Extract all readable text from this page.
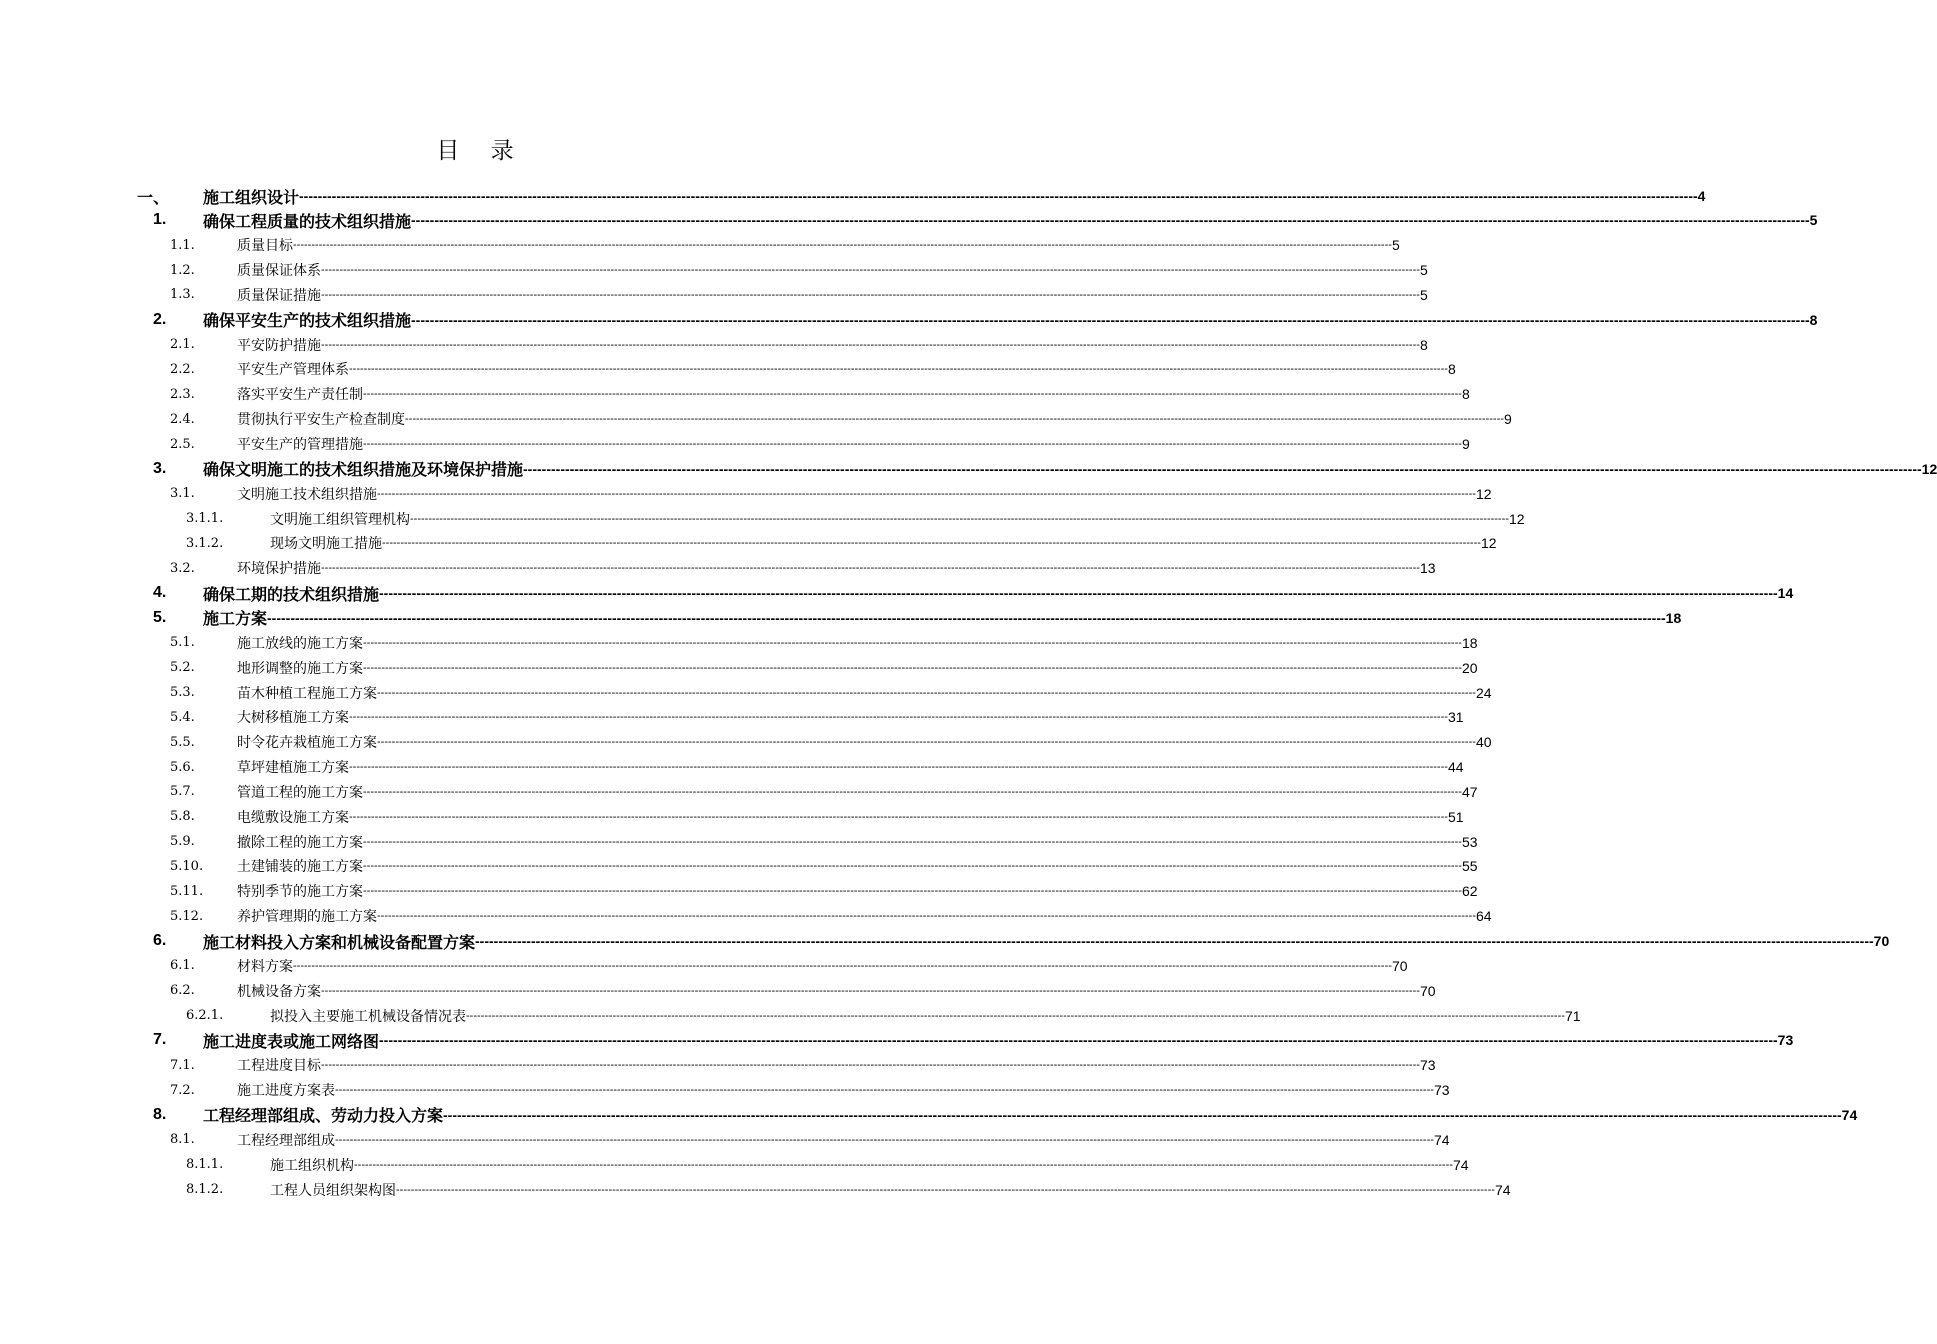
目 录
一、	施工组织设计 ------------------------------------------------------------------------------------------------------------------------------------------------------------------------------------------------------------------------------------------------------------------------------------------------------------ 4
1.	确保工程质量的技术组织措施 ------------------------------------------------------------------------------------------------------------------------------------------------------------------------------------------------------------------------------------------------------------------------------------------------------------ 5
1.1.	质量目标 ------------------------------------------------------------------------------------------------------------------------------------------------------------------------------------------------------------------------------------------------------------------------------------------------------------ 5
1.2.	质量保证体系 ------------------------------------------------------------------------------------------------------------------------------------------------------------------------------------------------------------------------------------------------------------------------------------------------------------ 5
1.3.	质量保证措施 ------------------------------------------------------------------------------------------------------------------------------------------------------------------------------------------------------------------------------------------------------------------------------------------------------------ 5
2.	确保平安生产的技术组织措施 ------------------------------------------------------------------------------------------------------------------------------------------------------------------------------------------------------------------------------------------------------------------------------------------------------------ 8
2.1.	平安防护措施 ------------------------------------------------------------------------------------------------------------------------------------------------------------------------------------------------------------------------------------------------------------------------------------------------------------ 8
2.2.	平安生产管理体系 ------------------------------------------------------------------------------------------------------------------------------------------------------------------------------------------------------------------------------------------------------------------------------------------------------------ 8
2.3.	落实平安生产责任制 ------------------------------------------------------------------------------------------------------------------------------------------------------------------------------------------------------------------------------------------------------------------------------------------------------------ 8
2.4.	贯彻执行平安生产检查制度 ------------------------------------------------------------------------------------------------------------------------------------------------------------------------------------------------------------------------------------------------------------------------------------------------------------ 9
2.5.	平安生产的管理措施 ------------------------------------------------------------------------------------------------------------------------------------------------------------------------------------------------------------------------------------------------------------------------------------------------------------ 9
3.	确保文明施工的技术组织措施及环境保护措施 ------------------------------------------------------------------------------------------------------------------------------------------------------------------------------------------------------------------------------------------------------------------------------------------------------------ 12
3.1.	文明施工技术组织措施 ------------------------------------------------------------------------------------------------------------------------------------------------------------------------------------------------------------------------------------------------------------------------------------------------------------ 12
3.1.1.	文明施工组织管理机构 ------------------------------------------------------------------------------------------------------------------------------------------------------------------------------------------------------------------------------------------------------------------------------------------------------------ 12
3.1.2.	现场文明施工措施 ------------------------------------------------------------------------------------------------------------------------------------------------------------------------------------------------------------------------------------------------------------------------------------------------------------ 12
3.2.	环境保护措施 ------------------------------------------------------------------------------------------------------------------------------------------------------------------------------------------------------------------------------------------------------------------------------------------------------------ 13
4.	确保工期的技术组织措施 ------------------------------------------------------------------------------------------------------------------------------------------------------------------------------------------------------------------------------------------------------------------------------------------------------------ 14
5.	施工方案 ------------------------------------------------------------------------------------------------------------------------------------------------------------------------------------------------------------------------------------------------------------------------------------------------------------ 18
5.1.	施工放线的施工方案 ------------------------------------------------------------------------------------------------------------------------------------------------------------------------------------------------------------------------------------------------------------------------------------------------------------ 18
5.2.	地形调整的施工方案 ------------------------------------------------------------------------------------------------------------------------------------------------------------------------------------------------------------------------------------------------------------------------------------------------------------ 20
5.3.	苗木种植工程施工方案 ------------------------------------------------------------------------------------------------------------------------------------------------------------------------------------------------------------------------------------------------------------------------------------------------------------ 24
5.4.	大树移植施工方案 ------------------------------------------------------------------------------------------------------------------------------------------------------------------------------------------------------------------------------------------------------------------------------------------------------------ 31
5.5.	时令花卉栽植施工方案 ------------------------------------------------------------------------------------------------------------------------------------------------------------------------------------------------------------------------------------------------------------------------------------------------------------ 40
5.6.	草坪建植施工方案 ------------------------------------------------------------------------------------------------------------------------------------------------------------------------------------------------------------------------------------------------------------------------------------------------------------ 44
5.7.	管道工程的施工方案 ------------------------------------------------------------------------------------------------------------------------------------------------------------------------------------------------------------------------------------------------------------------------------------------------------------ 47
5.8.	电缆敷设施工方案 ------------------------------------------------------------------------------------------------------------------------------------------------------------------------------------------------------------------------------------------------------------------------------------------------------------ 51
5.9.	撤除工程的施工方案 ------------------------------------------------------------------------------------------------------------------------------------------------------------------------------------------------------------------------------------------------------------------------------------------------------------ 53
5.10.	土建铺装的施工方案 ------------------------------------------------------------------------------------------------------------------------------------------------------------------------------------------------------------------------------------------------------------------------------------------------------------ 55
5.11.	特别季节的施工方案 ------------------------------------------------------------------------------------------------------------------------------------------------------------------------------------------------------------------------------------------------------------------------------------------------------------ 62
5.12.	养护管理期的施工方案 ------------------------------------------------------------------------------------------------------------------------------------------------------------------------------------------------------------------------------------------------------------------------------------------------------------ 64
6.	施工材料投入方案和机械设备配置方案 ------------------------------------------------------------------------------------------------------------------------------------------------------------------------------------------------------------------------------------------------------------------------------------------------------------ 70
6.1.	材料方案 ------------------------------------------------------------------------------------------------------------------------------------------------------------------------------------------------------------------------------------------------------------------------------------------------------------ 70
6.2.	机械设备方案 ------------------------------------------------------------------------------------------------------------------------------------------------------------------------------------------------------------------------------------------------------------------------------------------------------------ 70
6.2.1.	拟投入主要施工机械设备情况表 ------------------------------------------------------------------------------------------------------------------------------------------------------------------------------------------------------------------------------------------------------------------------------------------------------------ 71
7.	施工进度表或施工网络图 ------------------------------------------------------------------------------------------------------------------------------------------------------------------------------------------------------------------------------------------------------------------------------------------------------------ 73
7.1.	工程进度目标 ------------------------------------------------------------------------------------------------------------------------------------------------------------------------------------------------------------------------------------------------------------------------------------------------------------ 73
7.2.	施工进度方案表 ------------------------------------------------------------------------------------------------------------------------------------------------------------------------------------------------------------------------------------------------------------------------------------------------------------ 73
8.	工程经理部组成、劳动力投入方案 ------------------------------------------------------------------------------------------------------------------------------------------------------------------------------------------------------------------------------------------------------------------------------------------------------------ 74
8.1.	工程经理部组成 ------------------------------------------------------------------------------------------------------------------------------------------------------------------------------------------------------------------------------------------------------------------------------------------------------------ 74
8.1.1.	施工组织机构 ------------------------------------------------------------------------------------------------------------------------------------------------------------------------------------------------------------------------------------------------------------------------------------------------------------ 74
8.1.2.	工程人员组织架构图 ------------------------------------------------------------------------------------------------------------------------------------------------------------------------------------------------------------------------------------------------------------------------------------------------------------ 74
